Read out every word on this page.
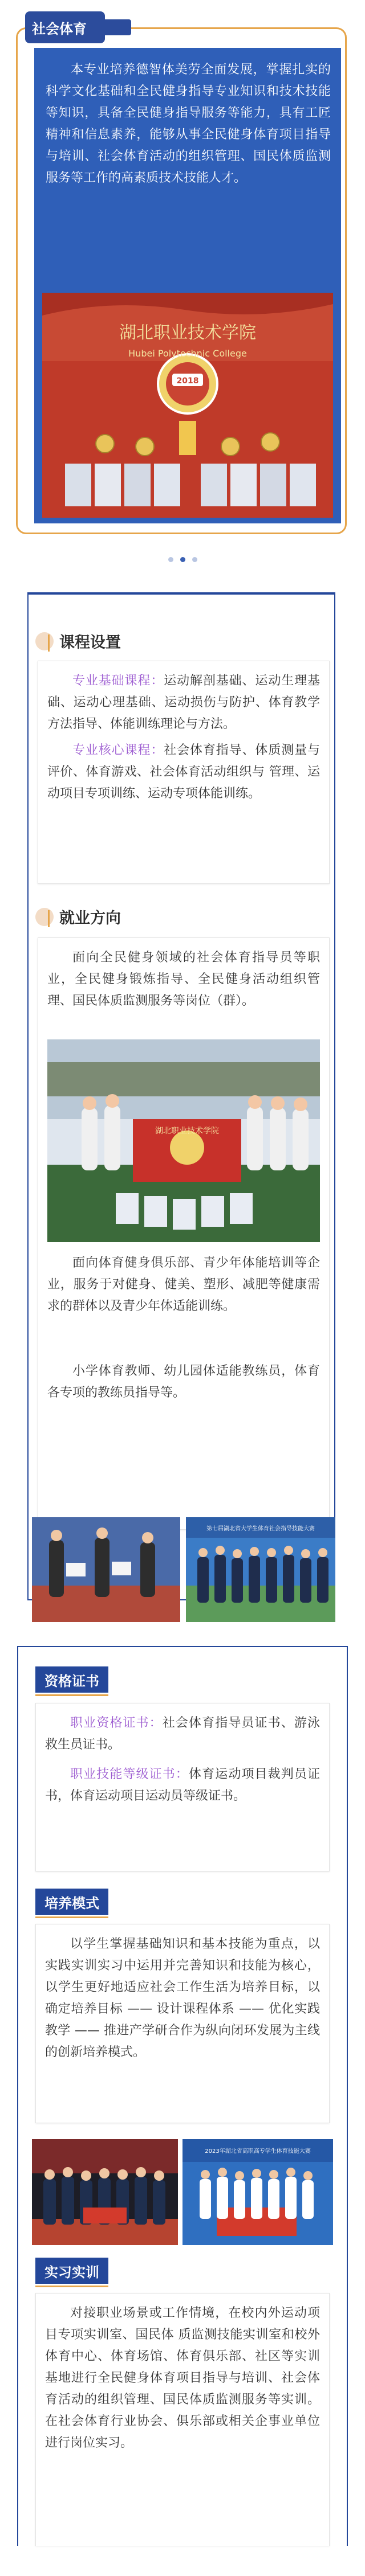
本专业培养德智体美劳全面发展，掌握扎实的科学文化基础和全民健身指导专业知识和技术技能等知识，具备全民健身指导服务等能力，具有工匠精神和信息素养，能够从事全民健身体育项目指导与培训、社会体育活动的组织管理、国民体质监测服务等工作的高素质技术技能人才。

2018
湖北职业技术学院
Hubei Polytechnic College
社会体育
课程设置

专业基础课程：运动解剖基础、运动生理基础、运动心理基础、运动损伤与防护、体育教学方法指导、体能训练理论与方法。

专业核心课程：社会体育指导、体质测量与评价、体育游戏、社会体育活动组织与 管理、运动项目专项训练、运动专项体能训练。

就业方向

面向全民健身领域的社会体育指导员等职业，全民健身锻炼指导、全民健身活动组织管理、国民体质监测服务等岗位（群）。

湖北职业技术学院

面向体育健身俱乐部、青少年体能培训等企业，服务于对健身、健美、塑形、减肥等健康需求的群体以及青少年体适能训练。

小学体育教师、幼儿园体适能教练员，体育各专项的教练员指导等。

第七届湖北省大学生体育社会指导技能大赛
资格证书

职业资格证书：社会体育指导员证书、游泳救生员证书。

职业技能等级证书：体育运动项目裁判员证书，体育运动项目运动员等级证书。

培养模式

以学生掌握基础知识和基本技能为重点，以实践实训实习中运用并完善知识和技能为核心，以学生更好地适应社会工作生活为培养目标，以确定培养目标 —— 设计课程体系 —— 优化实践教学 —— 推进产学研合作为纵向闭环发展为主线的创新培养模式。

2023年湖北省高职高专学生体育技能大赛
实习实训

对接职业场景或工作情境，在校内外运动项目专项实训室、国民体 质监测技能实训室和校外体育中心、体育场馆、体育俱乐部、社区等实训基地进行全民健身体育项目指导与培训、社会体育活动的组织管理、国民体质监测服务等实训。在社会体育行业协会、俱乐部或相关企事业单位进行岗位实习。
